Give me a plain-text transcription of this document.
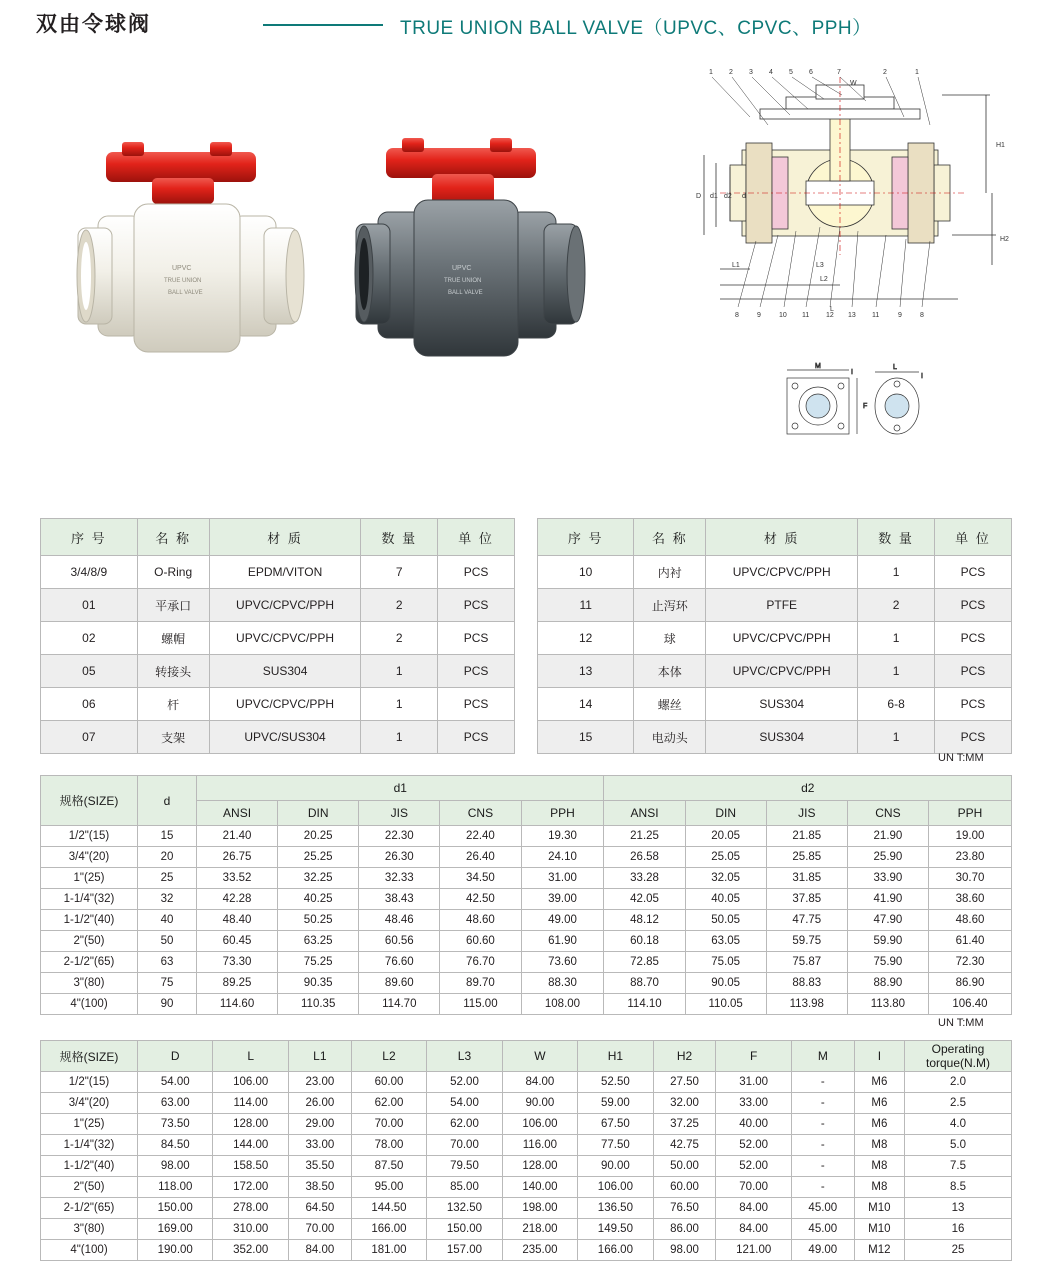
双由令球阀	TRUE UNION BALL VALVE（UPVC、CPVC、PPH）
UPVC
TRUE UNION
BALL VALVE
UPVC
TRUE UNION
BALL VALVE
1 2 3 4 5 6	7	2	1
8	9	10 11 12 13 11	9	8
W
H1
H2
D d1 d2 d
L1
L2
L
L3
M
F
I
I
L
序 号	名 称	材 质	数 量	单 位
3/4/8/9	O-Ring	EPDM/VITON	7	PCS
01	平承口	UPVC/CPVC/PPH	2	PCS
02	螺帽	UPVC/CPVC/PPH	2	PCS
05	转接头	SUS304	1	PCS
06	杆	UPVC/CPVC/PPH	1	PCS
07	支架	UPVC/SUS304	1	PCS
序 号	名 称	材 质	数 量	单 位
10	内衬	UPVC/CPVC/PPH	1	PCS
11	止泻环	PTFE	2	PCS
12	球	UPVC/CPVC/PPH	1	PCS
13	本体	UPVC/CPVC/PPH	1	PCS
14	螺丝	SUS304	6-8	PCS
15	电动头	SUS304	1	PCS
UN T:MM
UN T:MM
规格(SIZE)	d	d1					d2				
		ANSI	DIN	JIS	CNS	PPH	ANSI	DIN	JIS	CNS	PPH
1/2"(15)	15	21.40	20.25	22.30	22.40	19.30	21.25	20.05	21.85	21.90	19.00
3/4"(20)	20	26.75	25.25	26.30	26.40	24.10	26.58	25.05	25.85	25.90	23.80
1"(25)	25	33.52	32.25	32.33	34.50	31.00	33.28	32.05	31.85	33.90	30.70
1-1/4"(32)	32	42.28	40.25	38.43	42.50	39.00	42.05	40.05	37.85	41.90	38.60
1-1/2"(40)	40	48.40	50.25	48.46	48.60	49.00	48.12	50.05	47.75	47.90	48.60
2"(50)	50	60.45	63.25	60.56	60.60	61.90	60.18	63.05	59.75	59.90	61.40
2-1/2"(65)	63	73.30	75.25	76.60	76.70	73.60	72.85	75.05	75.87	75.90	72.30
3"(80)	75	89.25	90.35	89.60	89.70	88.30	88.70	90.05	88.83	88.90	86.90
4"(100)	90	114.60	110.35	114.70	115.00	108.00	114.10	110.05	113.98	113.80	106.40
规格(SIZE)	D	L	L1	L2	L3	W	H1	H2	F	M	I	Operating torque(N.M)
1/2"(15)	54.00	106.00	23.00	60.00	52.00	84.00	52.50	27.50	31.00	-	M6	2.0
3/4"(20)	63.00	114.00	26.00	62.00	54.00	90.00	59.00	32.00	33.00	-	M6	2.5
1"(25)	73.50	128.00	29.00	70.00	62.00	106.00	67.50	37.25	40.00	-	M6	4.0
1-1/4"(32)	84.50	144.00	33.00	78.00	70.00	116.00	77.50	42.75	52.00	-	M8	5.0
1-1/2"(40)	98.00	158.50	35.50	87.50	79.50	128.00	90.00	50.00	52.00	-	M8	7.5
2"(50)	118.00	172.00	38.50	95.00	85.00	140.00	106.00	60.00	70.00	-	M8	8.5
2-1/2"(65)	150.00	278.00	64.50	144.50	132.50	198.00	136.50	76.50	84.00	45.00	M10	13
3"(80)	169.00	310.00	70.00	166.00	150.00	218.00	149.50	86.00	84.00	45.00	M10	16
4"(100)	190.00	352.00	84.00	181.00	157.00	235.00	166.00	98.00	121.00	49.00	M12	25
